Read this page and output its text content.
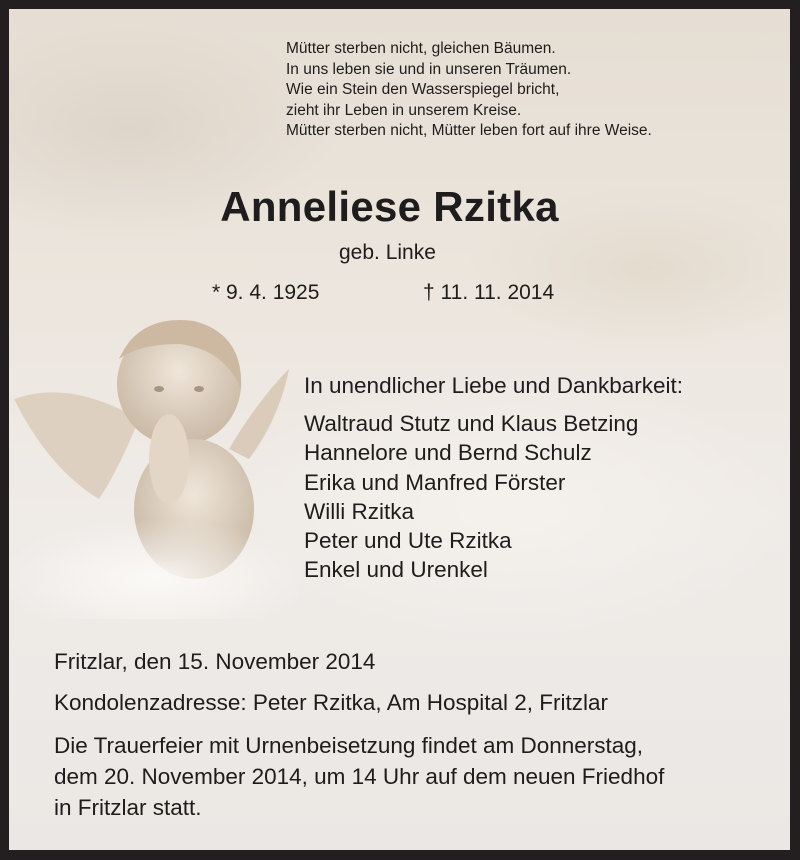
Mütter sterben nicht, gleichen Bäumen.
In uns leben sie und in unseren Träumen.
Wie ein Stein den Wasserspiegel bricht,
zieht ihr Leben in unserem Kreise.
Mütter sterben nicht, Mütter leben fort auf ihre Weise.
Anneliese Rzitka
geb. Linke
* 9. 4. 1925	† 11. 11. 2014
In unendlicher Liebe und Dankbarkeit:
Waltraud Stutz und Klaus Betzing
Hannelore und Bernd Schulz
Erika und Manfred Förster
Willi Rzitka
Peter und Ute Rzitka
Enkel und Urenkel
Fritzlar, den 15. November 2014
Kondolenzadresse: Peter Rzitka, Am Hospital 2, Fritzlar
Die Trauerfeier mit Urnenbeisetzung findet am Donnerstag,
dem 20. November 2014, um 14 Uhr auf dem neuen Friedhof
in Fritzlar statt.
